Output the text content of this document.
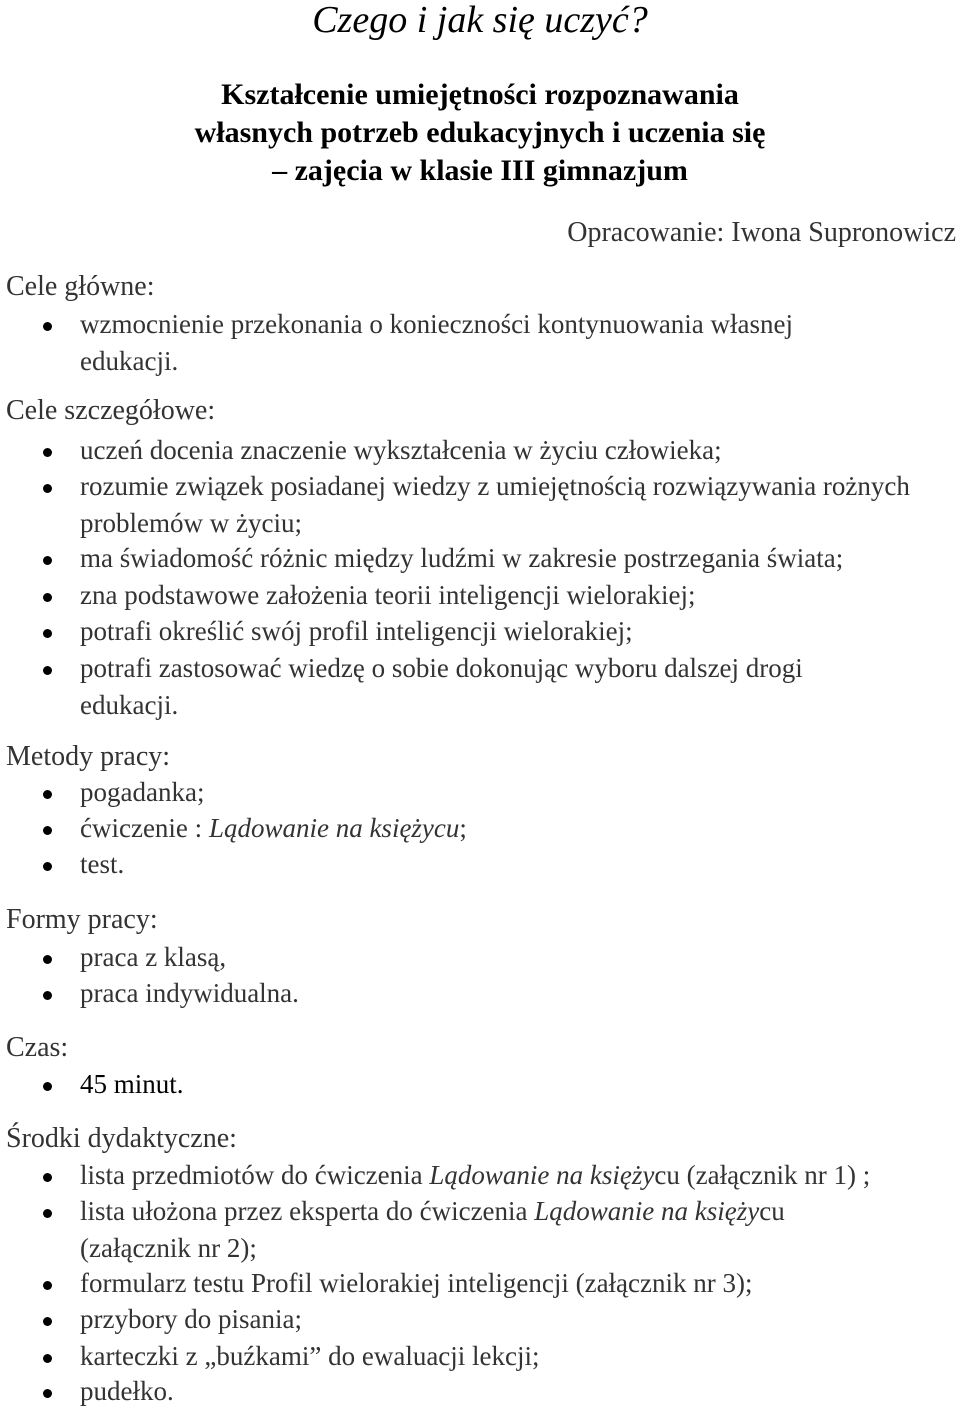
Czego i jak się uczyć?
Kształcenie umiejętności rozpoznawania
własnych potrzeb edukacyjnych i uczenia się
– zajęcia w klasie III gimnazjum
Opracowanie: Iwona Supronowicz
Cele główne:
wzmocnienie przekonania o konieczności kontynuowania własnej edukacji.
Cele szczegółowe:
uczeń docenia znaczenie wykształcenia w życiu człowieka;
rozumie związek posiadanej wiedzy z umiejętnością rozwiązywania rożnych problemów w życiu;
ma świadomość różnic między ludźmi w zakresie postrzegania świata;
zna podstawowe założenia teorii inteligencji wielorakiej;
potrafi określić swój profil inteligencji wielorakiej;
potrafi zastosować wiedzę o sobie dokonując wyboru dalszej drogi edukacji.
Metody pracy:
pogadanka;
ćwiczenie : Lądowanie na księżycu;
test.
Formy pracy:
praca z klasą,
praca indywidualna.
Czas:
45 minut.
Środki dydaktyczne:
lista przedmiotów do ćwiczenia Lądowanie na księżycu (załącznik nr 1) ;
lista ułożona przez eksperta do ćwiczenia Lądowanie na księżycu (załącznik nr 2);
formularz testu Profil wielorakiej inteligencji (załącznik nr 3);
przybory do pisania;
karteczki z „buźkami” do ewaluacji lekcji;
pudełko.
